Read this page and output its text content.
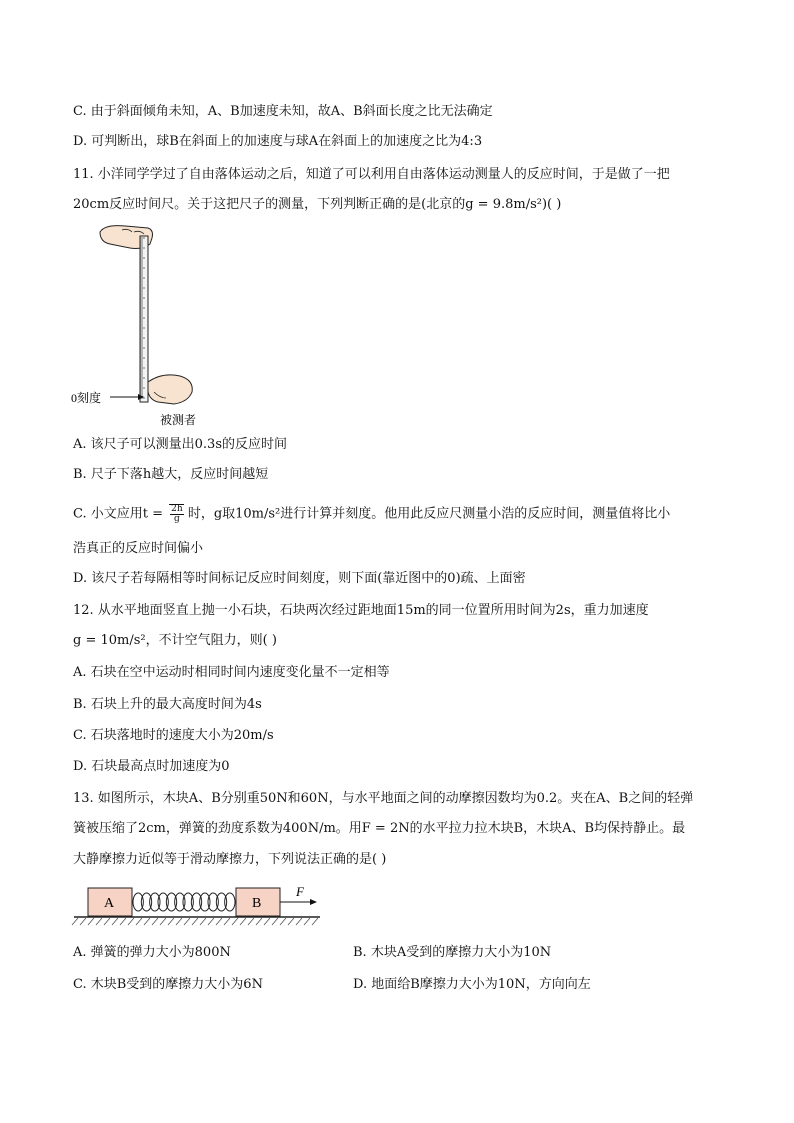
C. 由于斜面倾角未知，A、B加速度未知，故A、B斜面长度之比无法确定
D. 可判断出，球B在斜面上的加速度与球A在斜面上的加速度之比为4:3
11. 小洋同学学过了自由落体运动之后，知道了可以利用自由落体运动测量人的反应时间，于是做了一把
20cm反应时间尺。关于这把尺子的测量，下列判断正确的是(北京的g = 9.8m/s²)( )
0刻度
被测者
A. 该尺子可以测量出0.3s的反应时间
B. 尺子下落h越大，反应时间越短
C. 小文应用$t = \frac{2h}{g}$ 时，g取10m/s²进行计算并刻度。他用此反应尺测量小浩的反应时间，测量值将比小
浩真正的反应时间偏小
D. 该尺子若每隔相等时间标记反应时间刻度，则下面(靠近图中的0)疏、上面密
12. 从水平地面竖直上抛一小石块，石块两次经过距地面15m的同一位置所用时间为2s，重力加速度
g = 10m/s²，不计空气阻力，则( )
A. 石块在空中运动时相同时间内速度变化量不一定相等
B. 石块上升的最大高度时间为4s
C. 石块落地时的速度大小为20m/s
D. 石块最高点时加速度为0
13. 如图所示，木块A、B分别重50N和60N，与水平地面之间的动摩擦因数均为0.2。夹在A、B之间的轻弹
簧被压缩了2cm，弹簧的劲度系数为400N/m。用F = 2N的水平拉力拉木块B，木块A、B均保持静止。最
大静摩擦力近似等于滑动摩擦力，下列说法正确的是( )
A	B
F
A. 弹簧的弹力大小为800N	B. 木块A受到的摩擦力大小为10N
C. 木块B受到的摩擦力大小为6N	D. 地面给B摩擦力大小为10N，方向向左
